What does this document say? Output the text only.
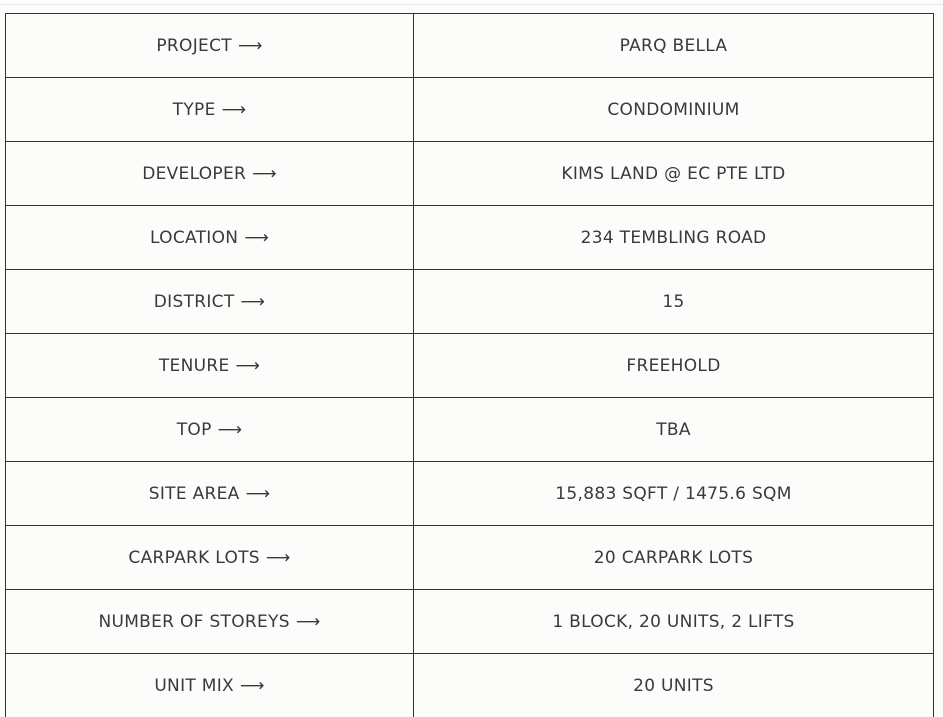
PROJECT ⟶	PARQ BELLA
TYPE ⟶	CONDOMINIUM
DEVELOPER ⟶	KIMS LAND @ EC PTE LTD
LOCATION ⟶	234 TEMBLING ROAD
DISTRICT ⟶	15
TENURE ⟶	FREEHOLD
TOP ⟶	TBA
SITE AREA ⟶	15,883 SQFT / 1475.6 SQM
CARPARK LOTS ⟶	20 CARPARK LOTS
NUMBER OF STOREYS ⟶	1 BLOCK, 20 UNITS, 2 LIFTS
UNIT MIX ⟶	20 UNITS
